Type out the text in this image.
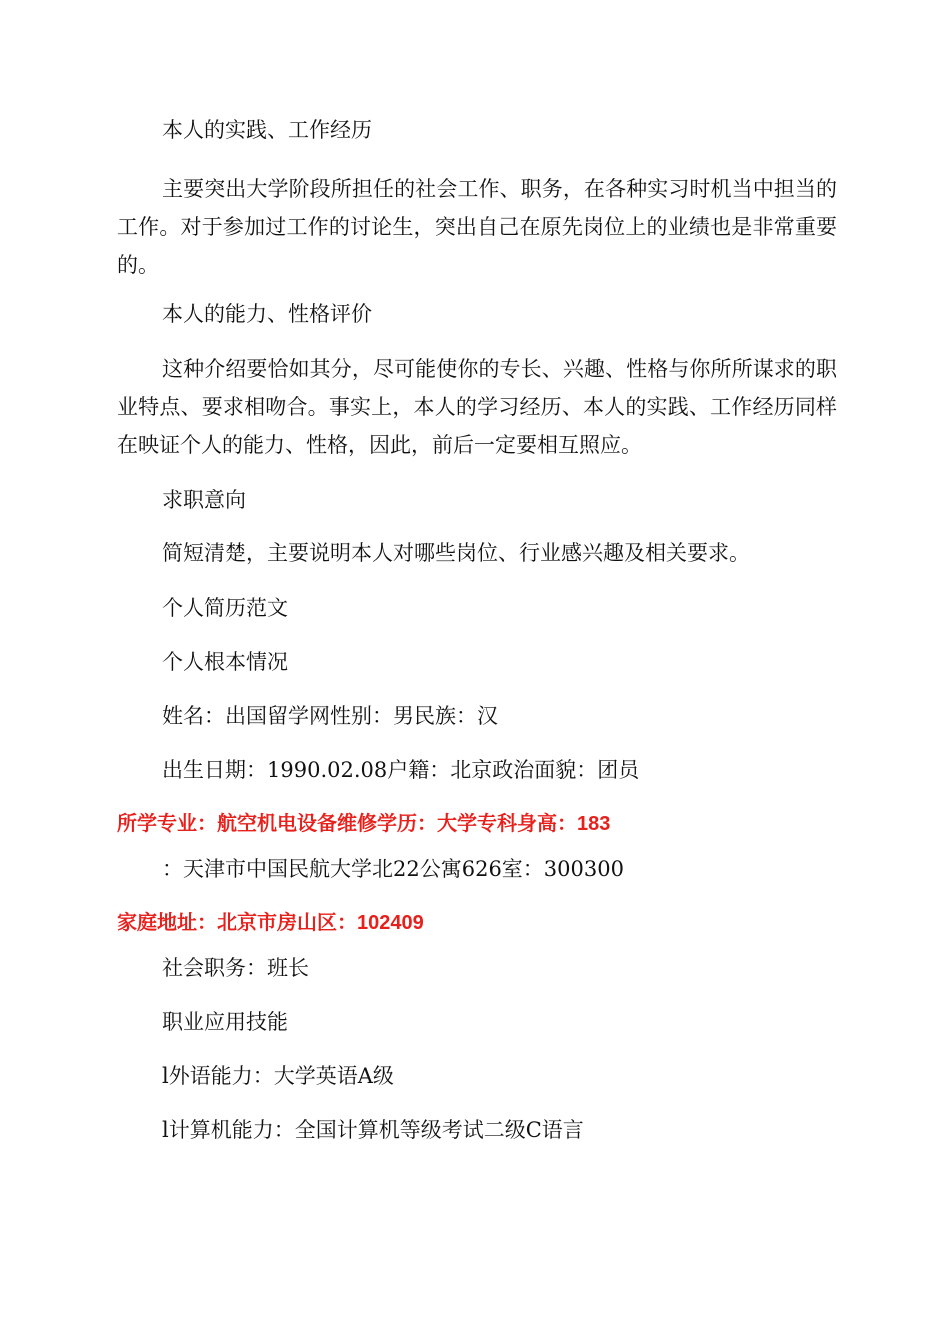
本人的实践、工作经历
主要突出大学阶段所担任的社会工作、职务，在各种实习时机当中担当的工作。对于参加过工作的讨论生，突出自己在原先岗位上的业绩也是非常重要的。
本人的能力、性格评价
这种介绍要恰如其分，尽可能使你的专长、兴趣、性格与你所所谋求的职业特点、要求相吻合。事实上，本人的学习经历、本人的实践、工作经历同样在映证个人的能力、性格，因此，前后一定要相互照应。
求职意向
简短清楚，主要说明本人对哪些岗位、行业感兴趣及相关要求。
个人简历范文
个人根本情况
姓名：出国留学网性别：男民族：汉
出生日期：1990.02.08户籍：北京政治面貌：团员
所学专业：航空机电设备维修学历：大学专科身高：183
：天津市中国民航大学北22公寓626室：300300
家庭地址：北京市房山区：102409
社会职务：班长
职业应用技能
l外语能力：大学英语A级
l计算机能力：全国计算机等级考试二级C语言
